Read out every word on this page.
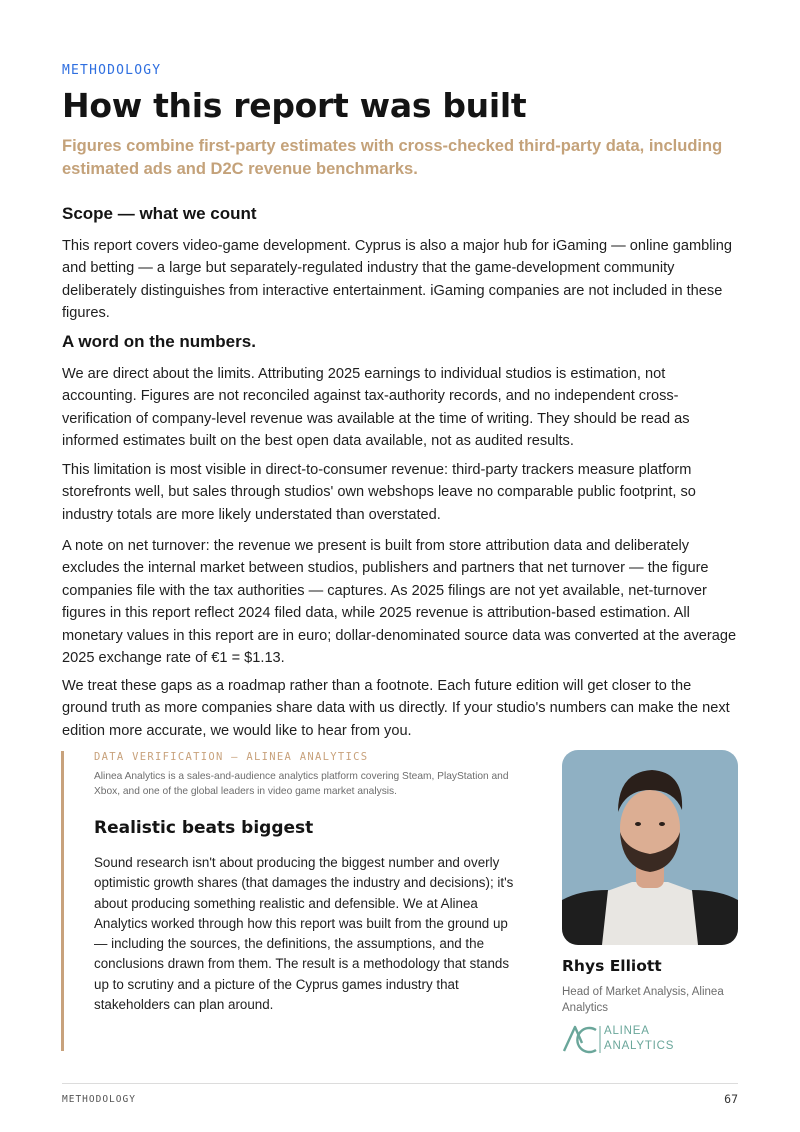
METHODOLOGY
How this report was built

Figures combine first-party estimates with cross-checked third-party data, including estimated ads and D2C revenue benchmarks.

Scope — what we count

This report covers video-game development. Cyprus is also a major hub for iGaming — online gambling and betting — a large but separately-regulated industry that the game-development community deliberately distinguishes from interactive entertainment. iGaming companies are not included in these figures.

A word on the numbers.

We are direct about the limits. Attributing 2025 earnings to individual studios is estimation, not accounting. Figures are not reconciled against tax-authority records, and no independent cross-verification of company-level revenue was available at the time of writing. They should be read as informed estimates built on the best open data available, not as audited results.

This limitation is most visible in direct-to-consumer revenue: third-party trackers measure platform storefronts well, but sales through studios' own webshops leave no comparable public footprint, so industry totals are more likely understated than overstated.

A note on net turnover: the revenue we present is built from store attribution data and deliberately excludes the internal market between studios, publishers and partners that net turnover — the figure companies file with the tax authorities — captures. As 2025 filings are not yet available, net-turnover figures in this report reflect 2024 filed data, while 2025 revenue is attribution-based estimation. All monetary values in this report are in euro; dollar-denominated source data was converted at the average 2025 exchange rate of €1 = $1.13.

We treat these gaps as a roadmap rather than a footnote. Each future edition will get closer to the ground truth as more companies share data with us directly. If your studio's numbers can make the next edition more accurate, we would like to hear from you.

DATA VERIFICATION — ALINEA ANALYTICS

Alinea Analytics is a sales-and-audience analytics platform covering Steam, PlayStation and Xbox, and one of the global leaders in video game market analysis.

Realistic beats biggest

Sound research isn't about producing the biggest number and overly optimistic growth shares (that damages the industry and decisions); it's about producing something realistic and defensible. We at Alinea Analytics worked through how this report was built from the ground up — including the sources, the definitions, the assumptions, and the conclusions drawn from them. The result is a methodology that stands up to scrutiny and a picture of the Cyprus games industry that stakeholders can plan around.

Rhys Elliott

Head of Market Analysis, Alinea Analytics

ALINEA
ANALYTICS
METHODOLOGY	67
